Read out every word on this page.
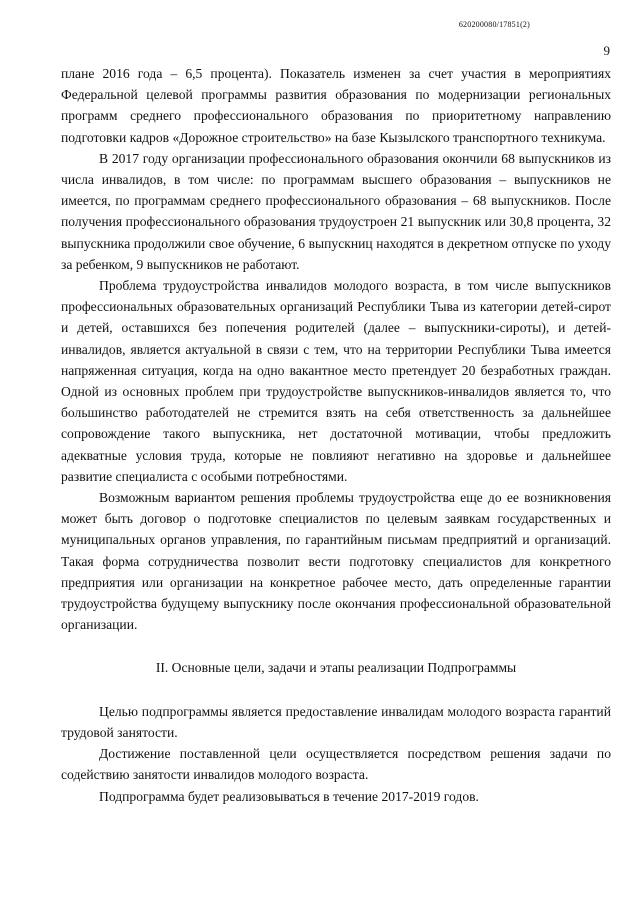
620200080/17851(2)
9

плане 2016 года – 6,5 процента). Показатель изменен за счет участия в мероприятиях Федеральной целевой программы развития образования по модернизации региональных программ среднего профессионального образования по приоритетному направлению подготовки кадров «Дорожное строительство» на базе Кызылского транспортного техникума.

В 2017 году организации профессионального образования окончили 68 выпускников из числа инвалидов, в том числе: по программам высшего образования – выпускников не имеется, по программам среднего профессионального образования – 68 выпускников. После получения профессионального образования трудоустроен 21 выпускник или 30,8 процента, 32 выпускника продолжили свое обучение, 6 выпускниц находятся в декретном отпуске по уходу за ребенком, 9 выпускников не работают.

Проблема трудоустройства инвалидов молодого возраста, в том числе выпускников профессиональных образовательных организаций Республики Тыва из категории детей-сирот и детей, оставшихся без попечения родителей (далее – выпускники-сироты), и детей-инвалидов, является актуальной в связи с тем, что на территории Республики Тыва имеется напряженная ситуация, когда на одно вакантное место претендует 20 безработных граждан. Одной из основных проблем при трудоустройстве выпускников-инвалидов является то, что большинство работодателей не стремится взять на себя ответственность за дальнейшее сопровождение такого выпускника, нет достаточной мотивации, чтобы предложить адекватные условия труда, которые не повлияют негативно на здоровье и дальнейшее развитие специалиста с особыми потребностями.

Возможным вариантом решения проблемы трудоустройства еще до ее возникновения может быть договор о подготовке специалистов по целевым заявкам государственных и муниципальных органов управления, по гарантийным письмам предприятий и организаций. Такая форма сотрудничества позволит вести подготовку специалистов для конкретного предприятия или организации на конкретное рабочее место, дать определенные гарантии трудоустройства будущему выпускнику после окончания профессиональной образовательной организации.

II. Основные цели, задачи и этапы реализации Подпрограммы

Целью подпрограммы является предоставление инвалидам молодого возраста гарантий трудовой занятости.

Достижение поставленной цели осуществляется посредством решения задачи по содействию занятости инвалидов молодого возраста.

Подпрограмма будет реализовываться в течение 2017-2019 годов.
